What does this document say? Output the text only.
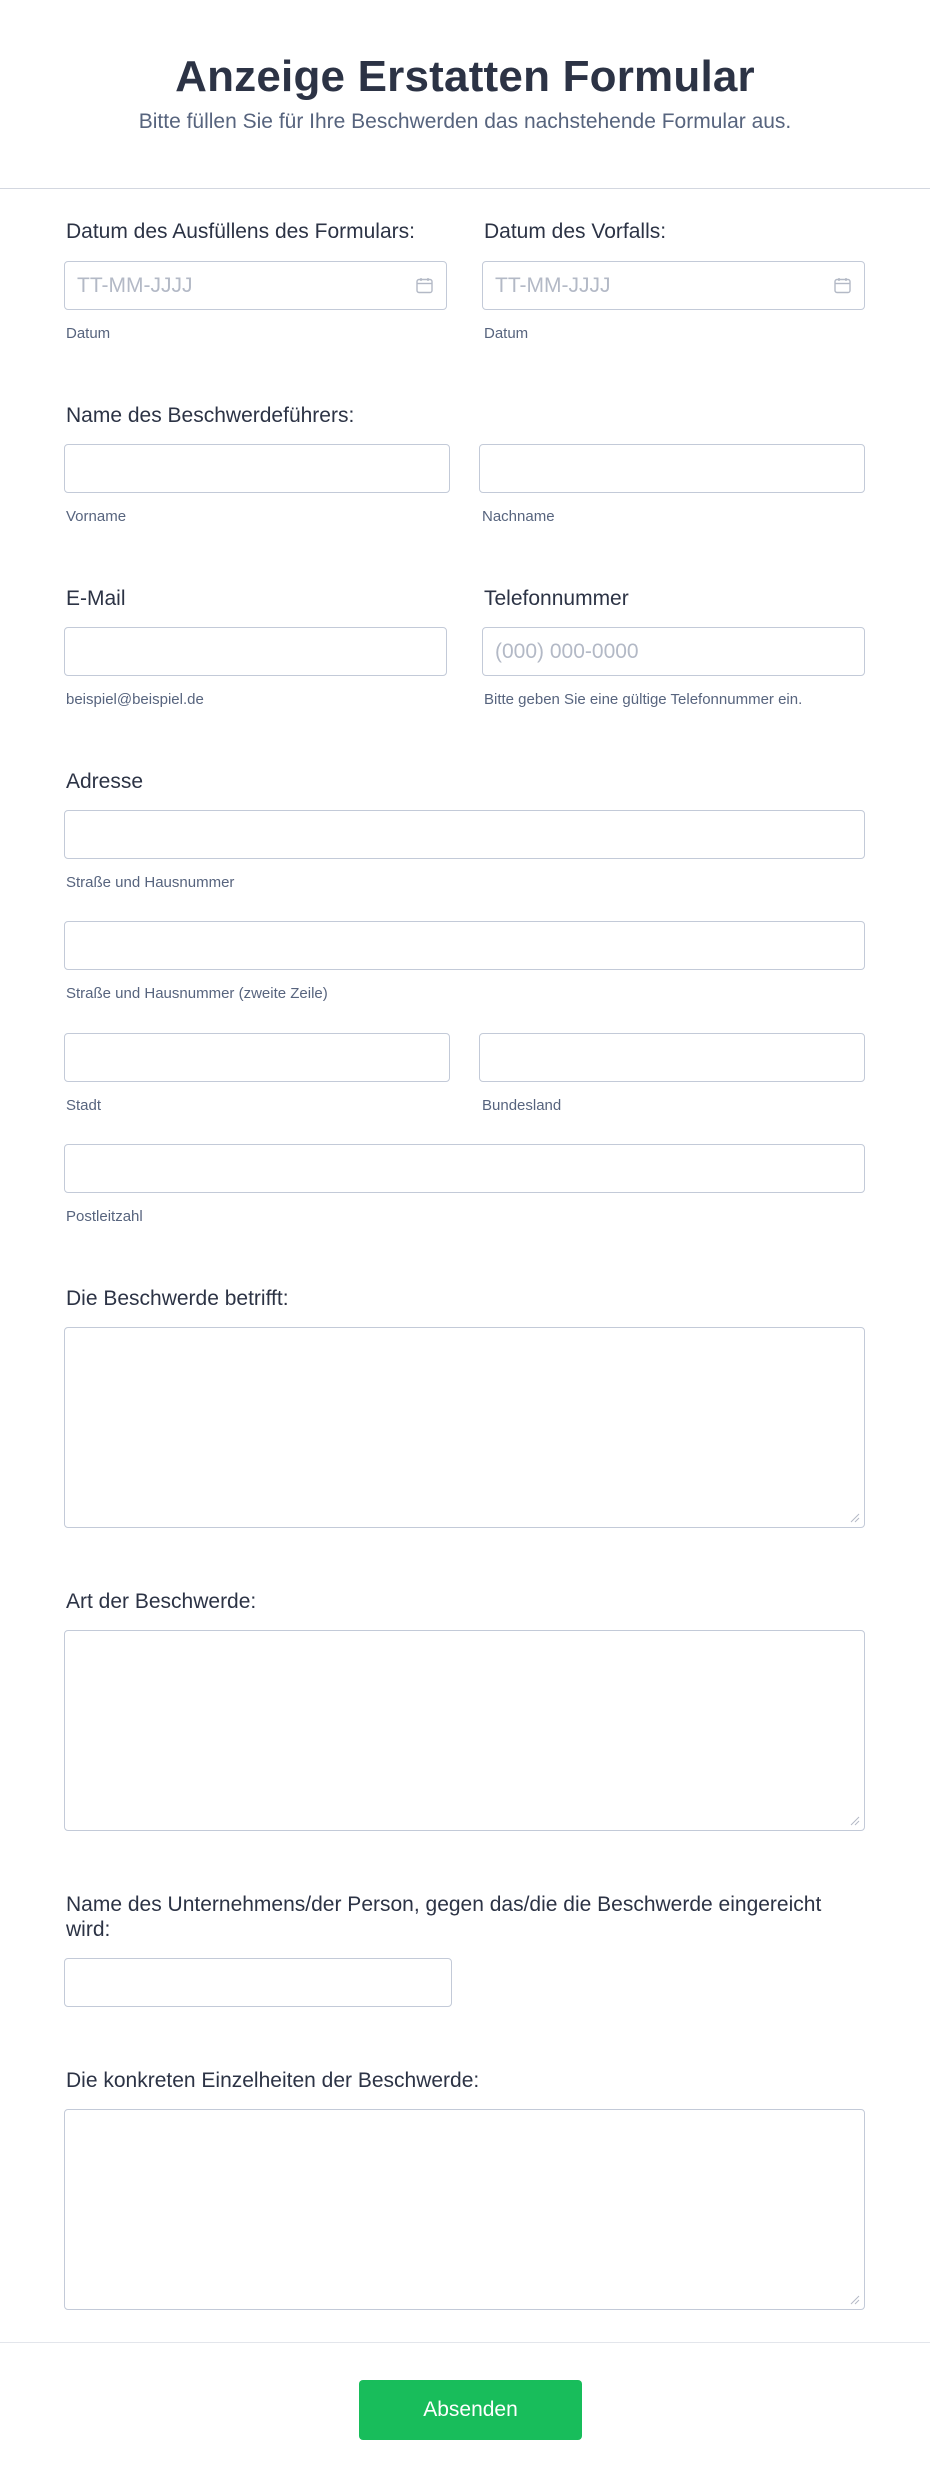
Anzeige Erstatten Formular

Bitte füllen Sie für Ihre Beschwerden das nachstehende Formular aus.

Datum des Ausfüllens des Formulars:
TT-MM-JJJJ
Datum
Datum des Vorfalls:
TT-MM-JJJJ
Datum
Name des Beschwerdeführers:
Vorname	Nachname
E-Mail
beispiel@beispiel.de
Telefonnummer
(000) 000-0000
Bitte geben Sie eine gültige Telefonnummer ein.
Adresse
Straße und Hausnummer
Straße und Hausnummer (zweite Zeile)
Stadt	Bundesland
Postleitzahl
Die Beschwerde betrifft:
Art der Beschwerde:
Name des Unternehmens/der Person, gegen das/die die Beschwerde eingereicht wird:
Die konkreten Einzelheiten der Beschwerde:
Absenden
